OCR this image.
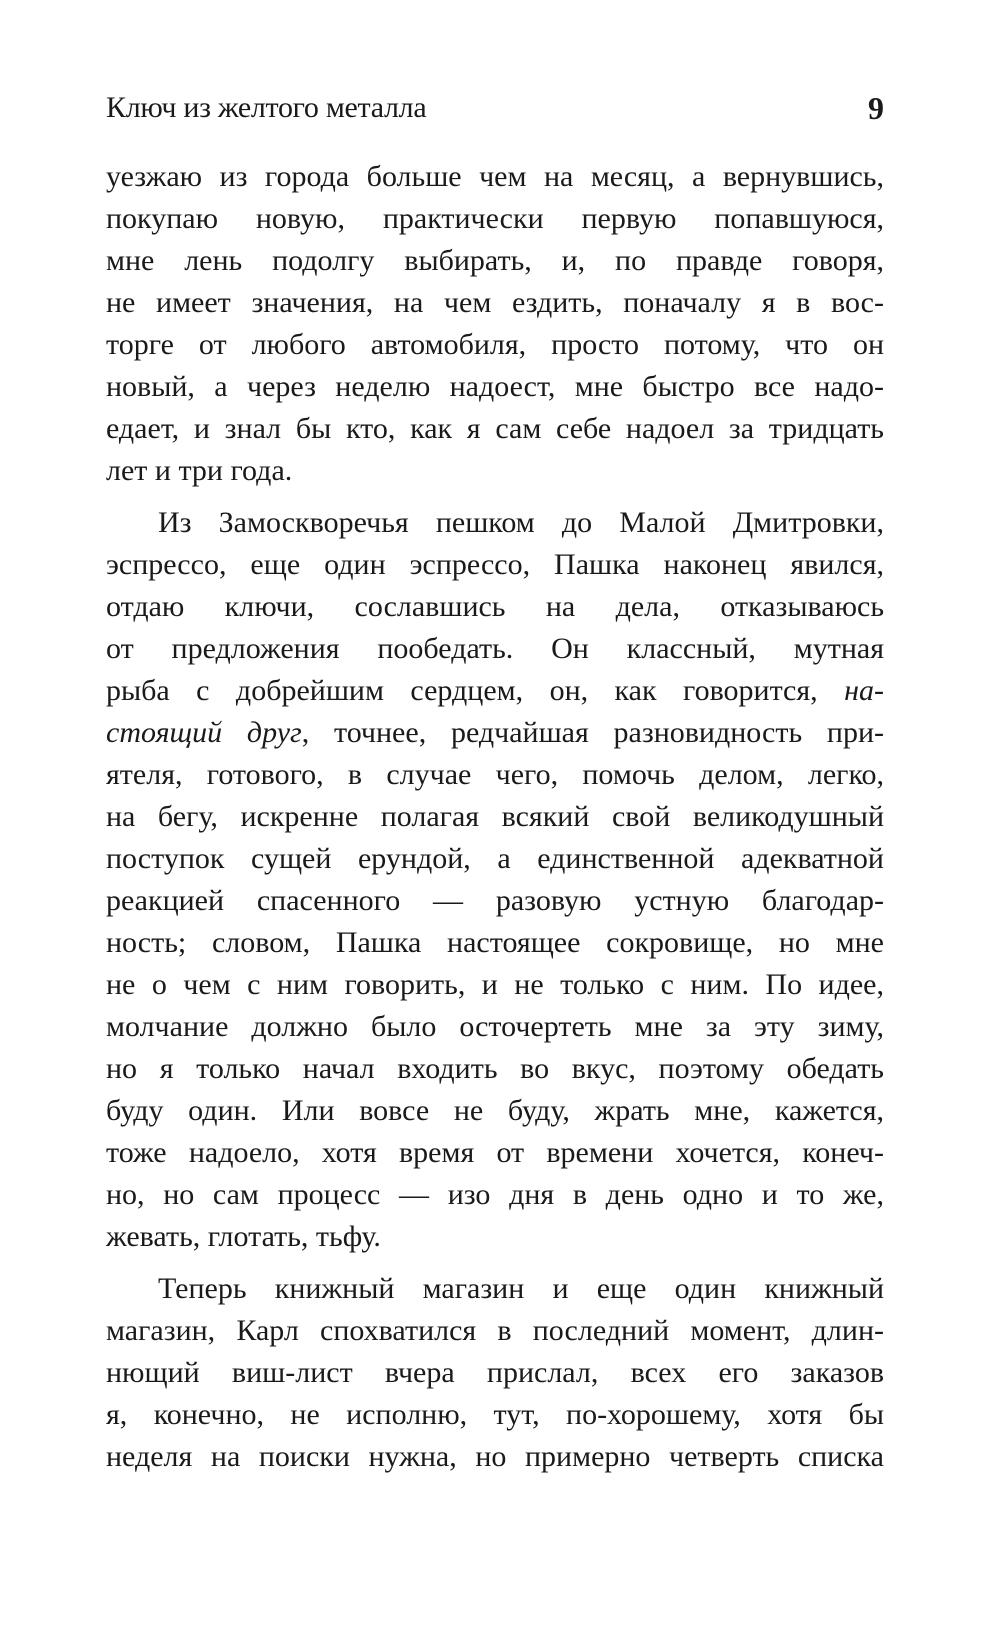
Ключ из желтого металла	9
уезжаю из города больше чем на месяц, а вернувшись,
покупаю новую, практически первую попавшуюся,
мне лень подолгу выбирать, и, по правде говоря,
не имеет значения, на чем ездить, поначалу я в вос-
торге от любого автомобиля, просто потому, что он
новый, а через неделю надоест, мне быстро все надо-
едает, и знал бы кто, как я сам себе надоел за тридцать
лет и три года.
Из Замоскворечья пешком до Малой Дмитровки,
эспрессо, еще один эспрессо, Пашка наконец явился,
отдаю ключи, сославшись на дела, отказываюсь
от предложения пообедать. Он классный, мутная
рыба с добрейшим сердцем, он, как говорится, на-
стоящий друг, точнее, редчайшая разновидность при-
ятеля, готового, в случае чего, помочь делом, легко,
на бегу, искренне полагая всякий свой великодушный
поступок сущей ерундой, а единственной адекватной
реакцией спасенного — разовую устную благодар-
ность; словом, Пашка настоящее сокровище, но мне
не о чем с ним говорить, и не только с ним. По идее,
молчание должно было осточертеть мне за эту зиму,
но я только начал входить во вкус, поэтому обедать
буду один. Или вовсе не буду, жрать мне, кажется,
тоже надоело, хотя время от времени хочется, конеч-
но, но сам процесс — изо дня в день одно и то же,
жевать, глотать, тьфу.
Теперь книжный магазин и еще один книжный
магазин, Карл спохватился в последний момент, длин-
нющий виш-лист вчера прислал, всех его заказов
я, конечно, не исполню, тут, по-хорошему, хотя бы
неделя на поиски нужна, но примерно четверть списка
